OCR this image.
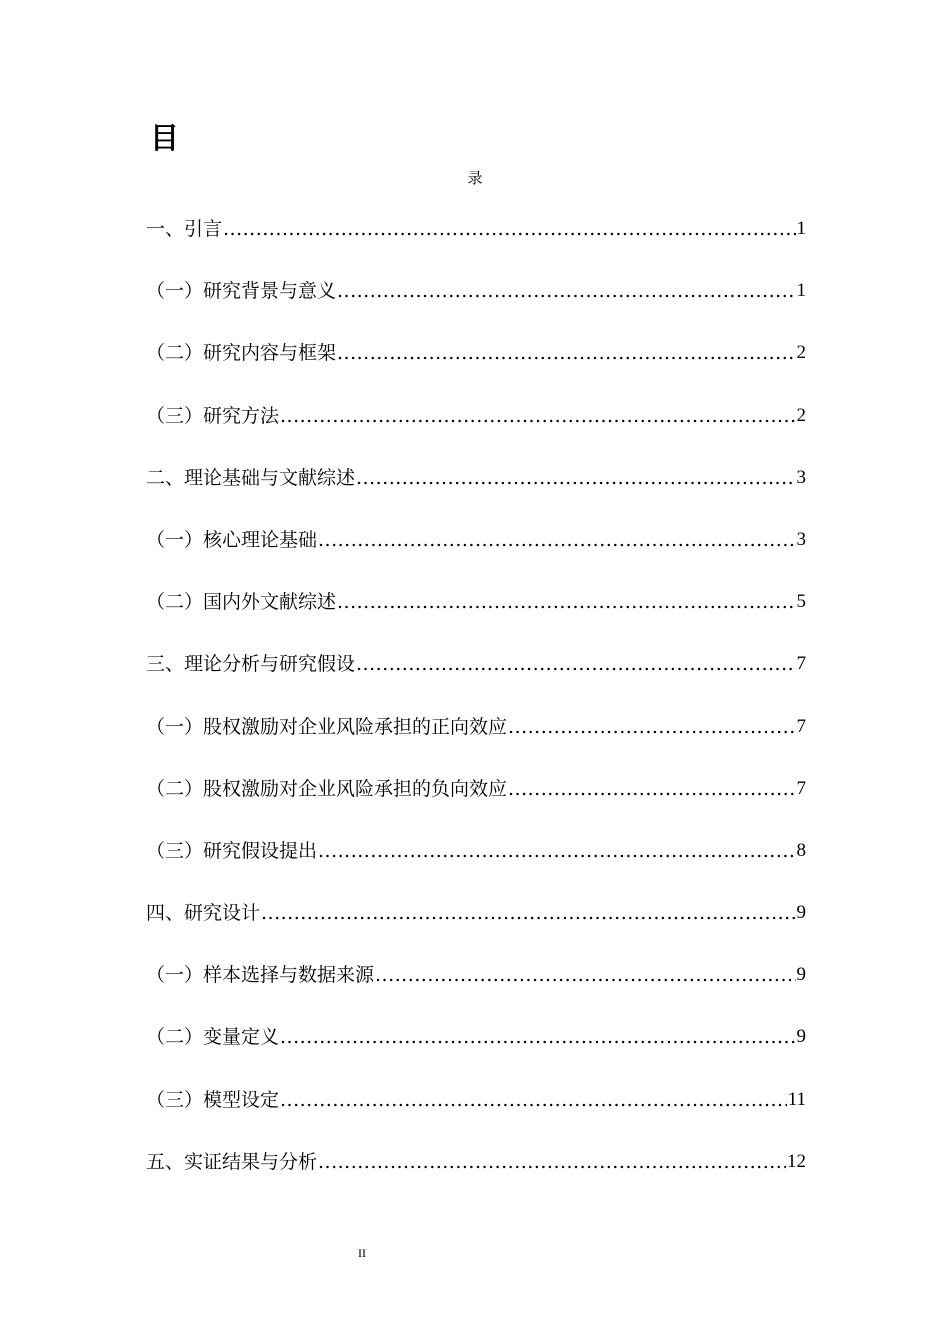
目
录
一、引言 .....	1
（一）研究背景与意义 .....	1
（二）研究内容与框架 .....	2
（三）研究方法 .....	2
二、理论基础与文献综述 .....	3
（一）核心理论基础 .....	3
（二）国内外文献综述 .....	5
三、理论分析与研究假设 .....	7
（一）股权激励对企业风险承担的正向效应 .....	7
（二）股权激励对企业风险承担的负向效应 .....	7
（三）研究假设提出 .....	8
四、研究设计 .....	9
（一）样本选择与数据来源 .....	9
（二）变量定义 .....	9
（三）模型设定 .....	11
五、实证结果与分析 .....	12
II
